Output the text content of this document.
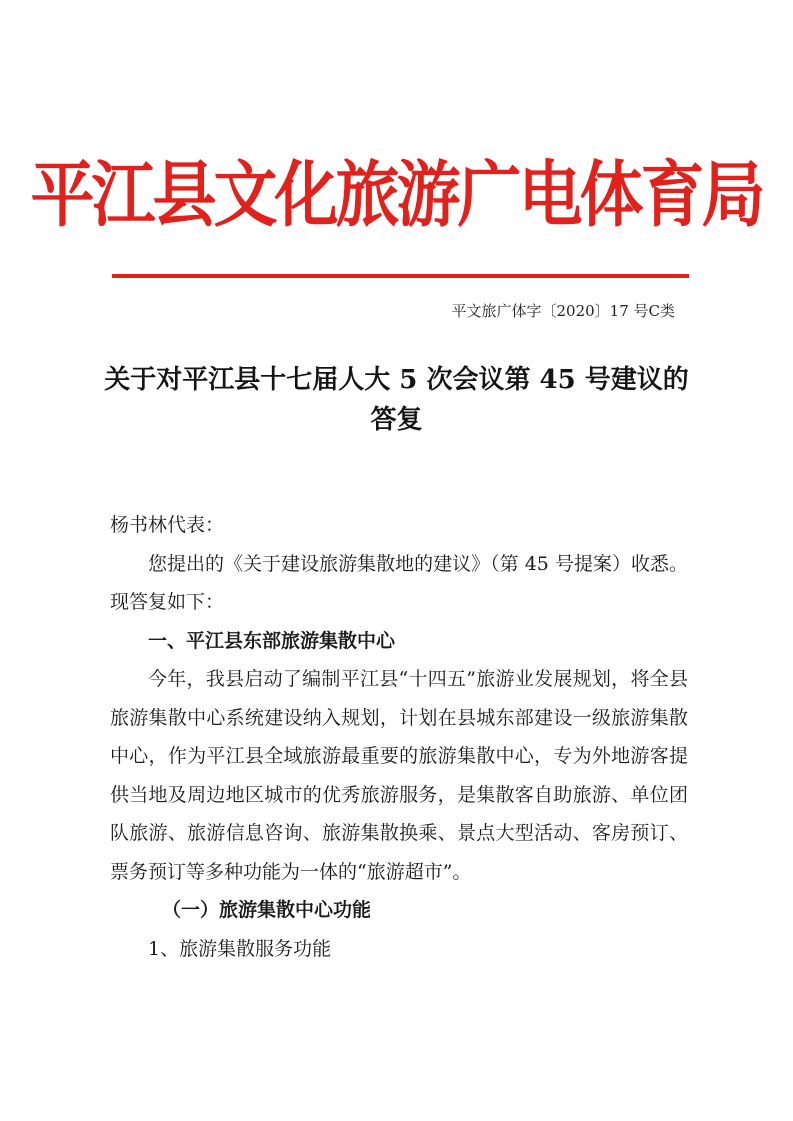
平江县文化旅游广电体育局
平文旅广体字〔2020〕17 号C类
关于对平江县十七届人大 5 次会议第 45 号建议的答复

杨书林代表：

您提出的《关于建设旅游集散地的建议》（第 45 号提案）收悉。现答复如下：

一、平江县东部旅游集散中心

今年，我县启动了编制平江县“十四五”旅游业发展规划，将全县旅游集散中心系统建设纳入规划，计划在县城东部建设一级旅游集散中心，作为平江县全域旅游最重要的旅游集散中心，专为外地游客提供当地及周边地区城市的优秀旅游服务，是集散客自助旅游、单位团队旅游、旅游信息咨询、旅游集散换乘、景点大型活动、客房预订、票务预订等多种功能为一体的“旅游超市”。

（一）旅游集散中心功能

1、旅游集散服务功能
